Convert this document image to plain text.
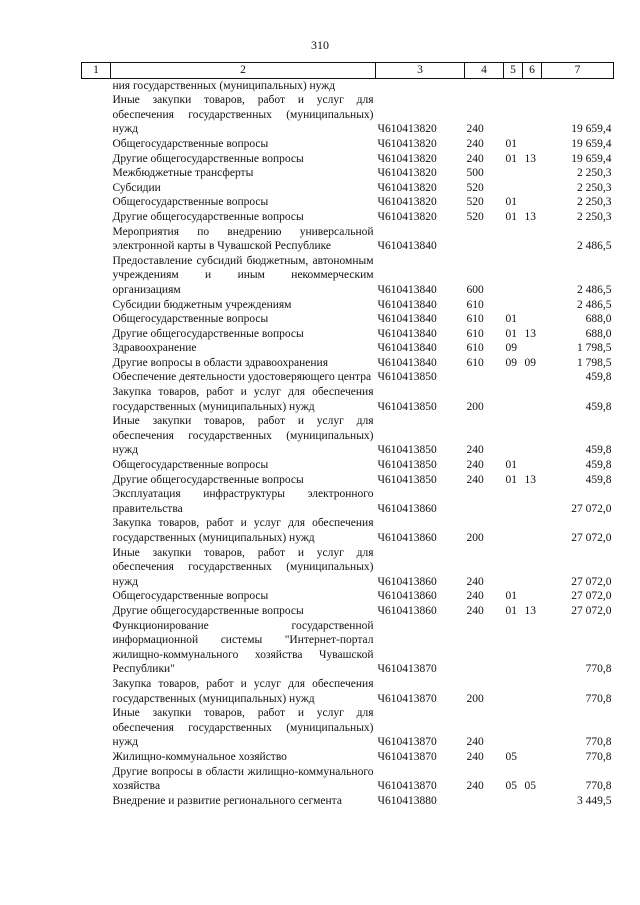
310
1	2	3	4	5	6	7
	ния государственных (муниципальных) нужд					
	Иные закупки товаров, работ и услуг для обеспечения государственных (муниципальных) нужд	Ч610413820	240			19 659,4
	Общегосударственные вопросы	Ч610413820	240	01		19 659,4
	Другие общегосударственные вопросы	Ч610413820	240	01	13	19 659,4
	Межбюджетные трансферты	Ч610413820	500			2 250,3
	Субсидии	Ч610413820	520			2 250,3
	Общегосударственные вопросы	Ч610413820	520	01		2 250,3
	Другие общегосударственные вопросы	Ч610413820	520	01	13	2 250,3
	Мероприятия по внедрению универсальной электронной карты в Чувашской Республике	Ч610413840				2 486,5
	Предоставление субсидий бюджетным, автономным учреждениям и иным некоммерческим организациям	Ч610413840	600			2 486,5
	Субсидии бюджетным учреждениям	Ч610413840	610			2 486,5
	Общегосударственные вопросы	Ч610413840	610	01		688,0
	Другие общегосударственные вопросы	Ч610413840	610	01	13	688,0
	Здравоохранение	Ч610413840	610	09		1 798,5
	Другие вопросы в области здравоохранения	Ч610413840	610	09	09	1 798,5
	Обеспечение деятельности удостоверяющего центра	Ч610413850				459,8
	Закупка товаров, работ и услуг для обеспечения государственных (муниципальных) нужд	Ч610413850	200			459,8
	Иные закупки товаров, работ и услуг для обеспечения государственных (муниципальных) нужд	Ч610413850	240			459,8
	Общегосударственные вопросы	Ч610413850	240	01		459,8
	Другие общегосударственные вопросы	Ч610413850	240	01	13	459,8
	Эксплуатация инфраструктуры электронного правительства	Ч610413860				27 072,0
	Закупка товаров, работ и услуг для обеспечения государственных (муниципальных) нужд	Ч610413860	200			27 072,0
	Иные закупки товаров, работ и услуг для обеспечения государственных (муниципальных) нужд	Ч610413860	240			27 072,0
	Общегосударственные вопросы	Ч610413860	240	01		27 072,0
	Другие общегосударственные вопросы	Ч610413860	240	01	13	27 072,0
	Функционирование государственной информационной системы "Интернет-портал жилищно-коммунального хозяйства Чувашской Республики"	Ч610413870				770,8
	Закупка товаров, работ и услуг для обеспечения государственных (муниципальных) нужд	Ч610413870	200			770,8
	Иные закупки товаров, работ и услуг для обеспечения государственных (муниципальных) нужд	Ч610413870	240			770,8
	Жилищно-коммунальное хозяйство	Ч610413870	240	05		770,8
	Другие вопросы в области жилищно-коммунального хозяйства	Ч610413870	240	05	05	770,8
	Внедрение и развитие регионального сегмента	Ч610413880				3 449,5
